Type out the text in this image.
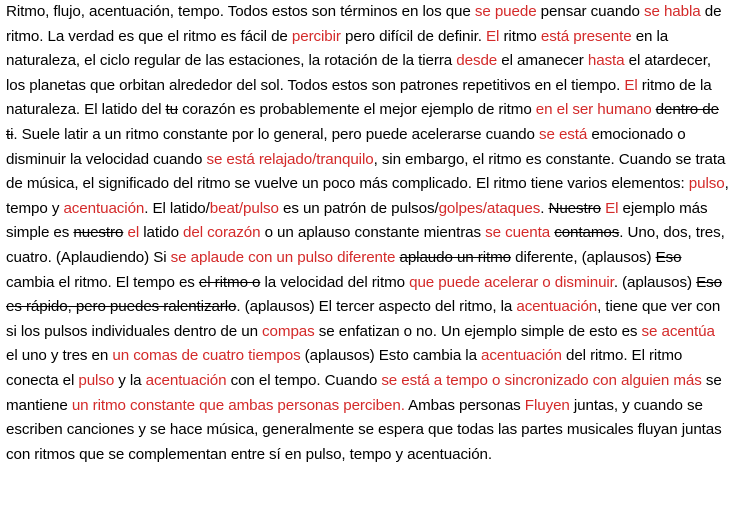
Ritmo, flujo, acentuación, tempo. Todos estos son términos en los que se puede pensar cuando se habla de ritmo. La verdad es que el ritmo es fácil de percibir pero difícil de definir. El ritmo está presente en la naturaleza, el ciclo regular de las estaciones, la rotación de la tierra desde el amanecer hasta el atardecer, los planetas que orbitan alrededor del sol. Todos estos son patrones repetitivos en el tiempo. El ritmo de la naturaleza. El latido del tu corazón es probablemente el mejor ejemplo de ritmo en el ser humano dentro de ti. Suele latir a un ritmo constante por lo general, pero puede acelerarse cuando se está emocionado o disminuir la velocidad cuando se está relajado/tranquilo, sin embargo, el ritmo es constante. Cuando se trata de música, el significado del ritmo se vuelve un poco más complicado. El ritmo tiene varios elementos: pulso, tempo y acentuación. El latido/beat/pulso es un patrón de pulsos/golpes/ataques. Nuestro El ejemplo más simple es nuestro el latido del corazón o un aplauso constante mientras se cuenta contamos. Uno, dos, tres, cuatro. (Aplaudiendo) Si se aplaude con un pulso diferente aplaudo un ritmo diferente, (aplausos) Eso cambia el ritmo. El tempo es el ritmo o la velocidad del ritmo que puede acelerar o disminuir. (aplausos) Eso es rápido, pero puedes ralentizarlo. (aplausos) El tercer aspecto del ritmo, la acentuación, tiene que ver con si los pulsos individuales dentro de un compas se enfatizan o no. Un ejemplo simple de esto es se acentúa el uno y tres en un comas de cuatro tiempos (aplausos) Esto cambia la acentuación del ritmo. El ritmo conecta el pulso y la acentuación con el tempo. Cuando se está a tempo o sincronizado con alguien más se mantiene un ritmo constante que ambas personas perciben. Ambas personas Fluyen juntas, y cuando se escriben canciones y se hace música, generalmente se espera que todas las partes musicales fluyan juntas con ritmos que se complementan entre sí en pulso, tempo y acentuación.
